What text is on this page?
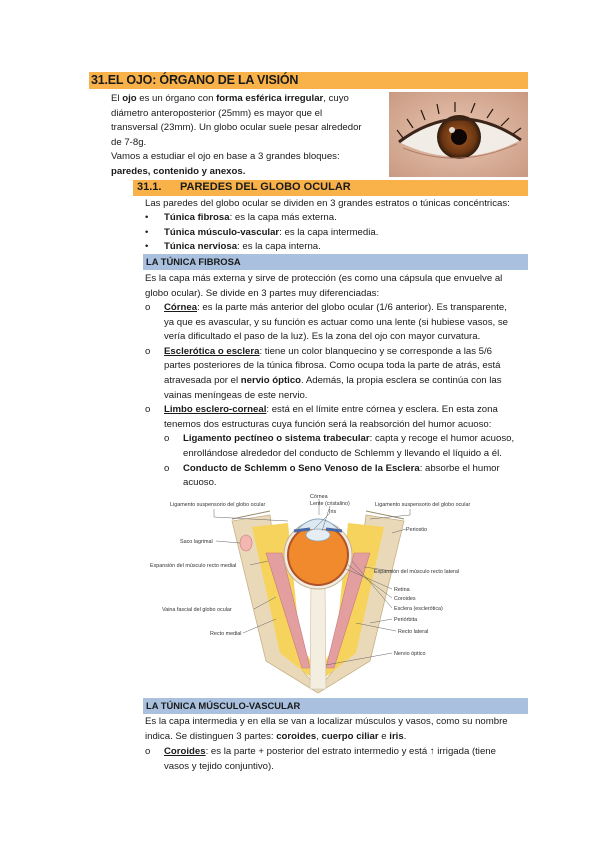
31.EL OJO: ÓRGANO DE LA VISIÓN
El ojo es un órgano con forma esférica irregular, cuyo
diámetro anteroposterior (25mm) es mayor que el
transversal (23mm). Un globo ocular suele pesar alrededor
de 7-8g.
Vamos a estudiar el ojo en base a 3 grandes bloques:
paredes, contenido y anexos.
31.1. PAREDES DEL GLOBO OCULAR
Las paredes del globo ocular se dividen en 3 grandes estratos o túnicas concéntricas:
• Túnica fibrosa: es la capa más externa.
• Túnica músculo-vascular: es la capa intermedia.
• Túnica nerviosa: es la capa interna.
LA TÚNICA FIBROSA
Es la capa más externa y sirve de protección (es como una cápsula que envuelve al
globo ocular). Se divide en 3 partes muy diferenciadas:
o	Córnea: es la parte más anterior del globo ocular (1/6 anterior). Es transparente,
ya que es avascular, y su función es actuar como una lente (si hubiese vasos, se
vería dificultado el paso de la luz). Es la zona del ojo con mayor curvatura.
o	Esclerótica o esclera: tiene un color blanquecino y se corresponde a las 5/6
partes posteriores de la túnica fibrosa. Como ocupa toda la parte de atrás, está
atravesada por el nervio óptico. Además, la propia esclera se continúa con las
vainas meníngeas de este nervio.
o	Limbo esclero-corneal: está en el límite entre córnea y esclera. En esta zona
tenemos dos estructuras cuya función será la reabsorción del humor acuoso:
o	Ligamento pectíneo o sistema trabecular: capta y recoge el humor acuoso,
enrollándose alrededor del conducto de Schlemm y llevando el líquido a él.
o	Conducto de Schlemm o Seno Venoso de la Esclera: absorbe el humor
acuoso.
Ligamento suspensorio del globo ocular
Córnea
Lente (cristalino)
Iris
Ligamento suspensorio del globo ocular
Periostio
Saco lagrimal
Expansión del músculo recto medial
Expansión del músculo recto lateral
Retina
Coroides
Esclera (esclerótica)
Vaina fascial del globo ocular
Periórbita
Recto medial	Recto lateral
Nervio óptico
LA TÚNICA MÚSCULO-VASCULAR
Es la capa intermedia y en ella se van a localizar músculos y vasos, como su nombre
indica. Se distinguen 3 partes: coroides, cuerpo ciliar e iris.
o	Coroides: es la parte + posterior del estrato intermedio y está ↑ irrigada (tiene
vasos y tejido conjuntivo).
